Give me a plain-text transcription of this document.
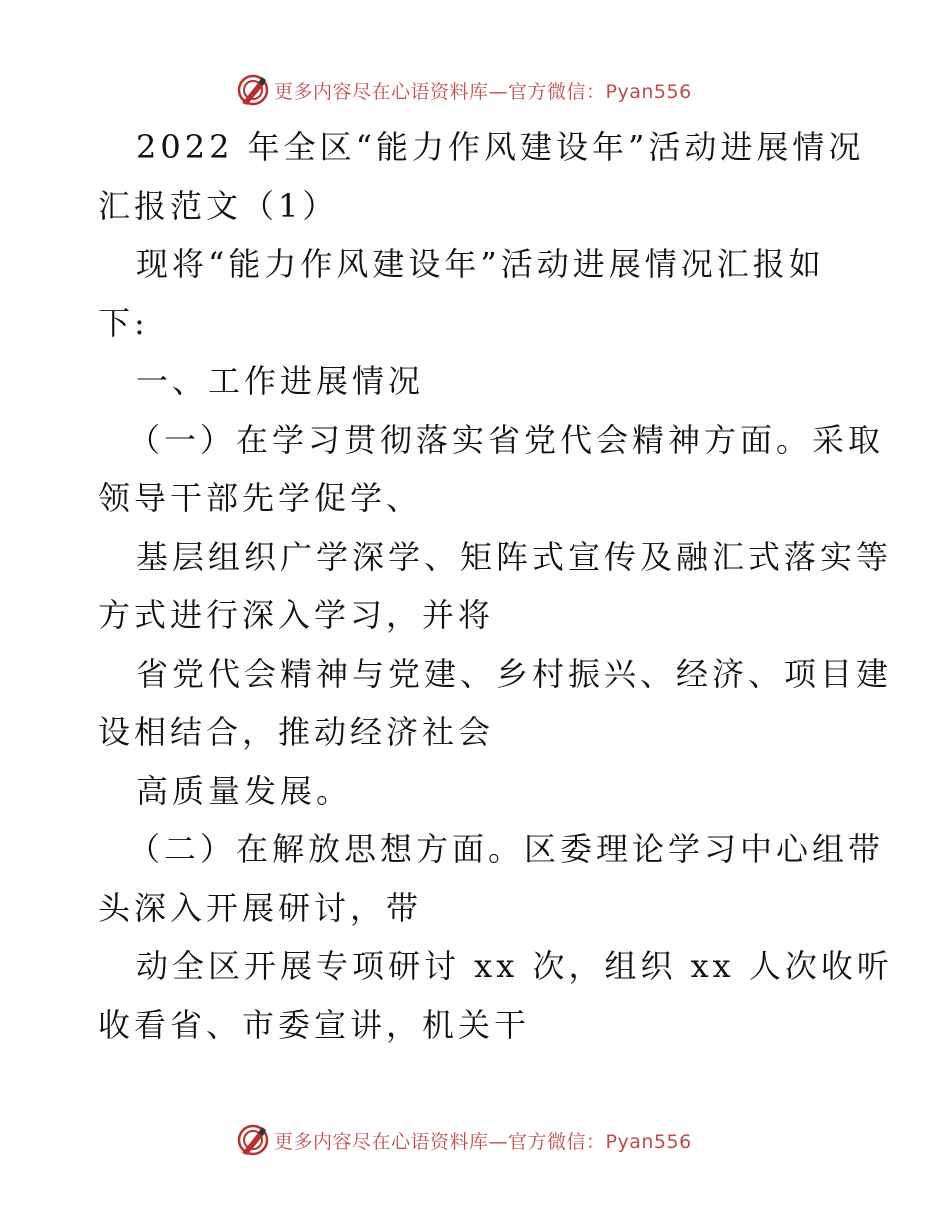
更多内容尽在心语资料库—官方微信：Pyan556
2022 年全区“能力作风建设年”活动进展情况
汇报范文（1）
现将“能力作风建设年”活动进展情况汇报如
下:
一、工作进展情况
（一）在学习贯彻落实省党代会精神方面。采取
领导干部先学促学、
基层组织广学深学、矩阵式宣传及融汇式落实等
方式进行深入学习，并将
省党代会精神与党建、乡村振兴、经济、项目建
设相结合，推动经济社会
高质量发展。
（二）在解放思想方面。区委理论学习中心组带
头深入开展研讨，带
动全区开展专项研讨 xx 次，组织 xx 人次收听
收看省、市委宣讲，机关干
更多内容尽在心语资料库—官方微信：Pyan556
